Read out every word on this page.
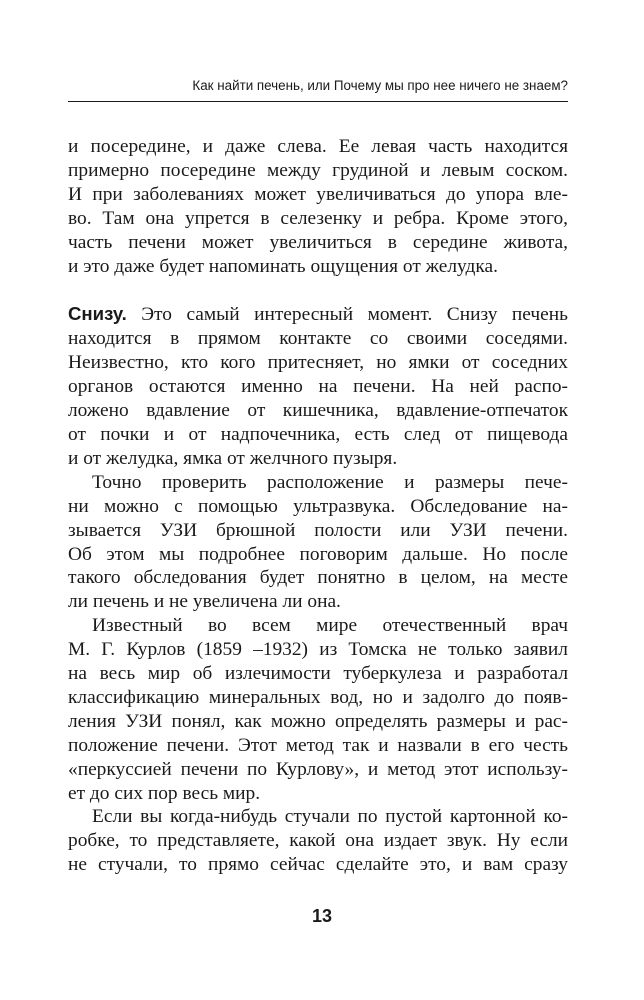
Как найти печень, или Почему мы про нее ничего не знаем?
и посередине, и даже слева. Ее левая часть находится
примерно посередине между грудиной и левым соском.
И при заболеваниях может увеличиваться до упора вле-
во. Там она упрется в селезенку и ребра. Кроме этого,
часть печени может увеличиться в середине живота,
и это даже будет напоминать ощущения от желудка.
Снизу. Это самый интересный момент. Снизу печень
находится в прямом контакте со своими соседями.
Неизвестно, кто кого притесняет, но ямки от соседних
органов остаются именно на печени. На ней распо-
ложено вдавление от кишечника, вдавление-отпечаток
от почки и от надпочечника, есть след от пищевода
и от желудка, ямка от желчного пузыря.
Точно проверить расположение и размеры пече-
ни можно с помощью ультразвука. Обследование на-
зывается УЗИ брюшной полости или УЗИ печени.
Об этом мы подробнее поговорим дальше. Но после
такого обследования будет понятно в целом, на месте
ли печень и не увеличена ли она.
Известный во всем мире отечественный врач
М. Г. Курлов (1859 –1932) из Томска не только заявил
на весь мир об излечимости туберкулеза и разработал
классификацию минеральных вод, но и задолго до появ-
ления УЗИ понял, как можно определять размеры и рас-
положение печени. Этот метод так и назвали в его честь
«перкуссией печени по Курлову», и метод этот использу-
ет до сих пор весь мир.
Если вы когда-нибудь стучали по пустой картонной ко-
робке, то представляете, какой она издает звук. Ну если
не стучали, то прямо сейчас сделайте это, и вам сразу
13
